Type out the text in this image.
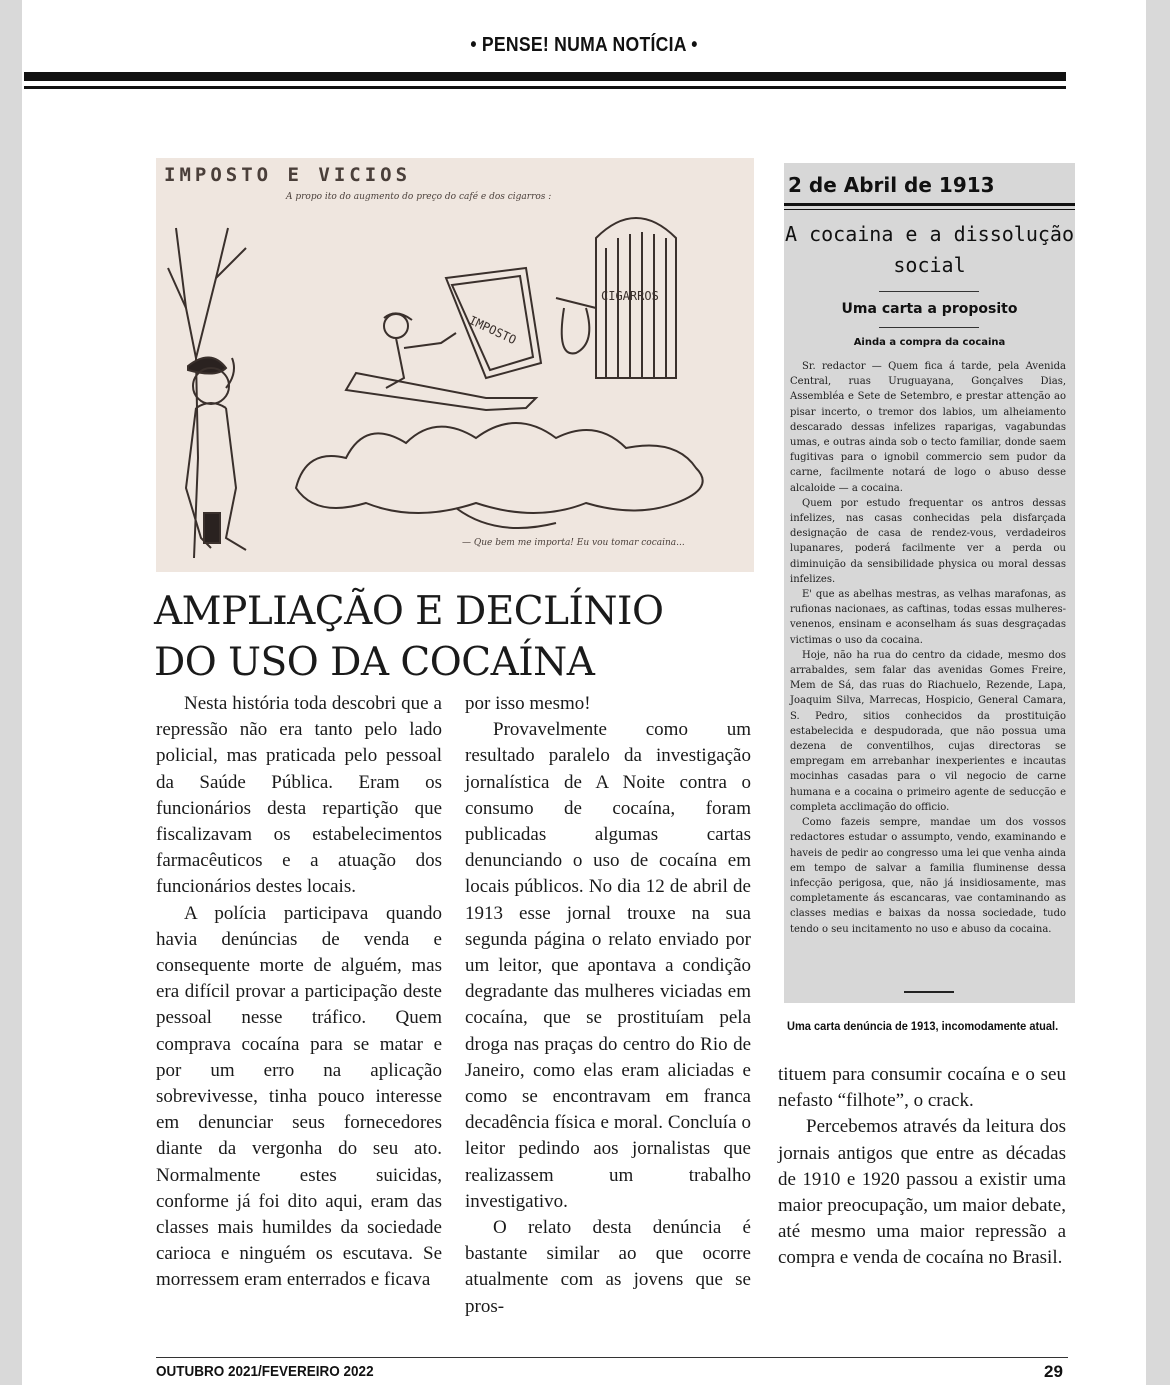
• PENSE! NUMA NOTÍCIA •
IMPOSTO
CIGARROS
IMPOSTO E VICIOS
A propo ito do augmento do preço do café e dos cigarros :
— Que bem me importa! Eu vou tomar cocaina...
2 de Abril de 1913
A cocaina e a dissolução
social
Uma carta a proposito
Ainda a compra da cocaina

Sr. redactor — Quem fica á tarde, pela Avenida Central, ruas Uruguayana, Gonçalves Dias, Assembléa e Sete de Setembro, e prestar attenção ao pisar incerto, o tremor dos labios, um alheiamento descarado dessas infelizes raparigas, vagabundas umas, e outras ainda sob o tecto familiar, donde saem fugitivas para o ignobil commercio sem pudor da carne, facilmente notará de logo o abuso desse alcaloide — a cocaina.

Quem por estudo frequentar os antros dessas infelizes, nas casas conhecidas pela disfarçada designação de casa de rendez-vous, verdadeiros lupanares, poderá facilmente ver a perda ou diminuição da sensibilidade physica ou moral dessas infelizes.

E' que as abelhas mestras, as velhas marafonas, as rufionas nacionaes, as caftinas, todas essas mulheres-venenos, ensinam e aconselham ás suas desgraçadas victimas o uso da cocaina.

Hoje, não ha rua do centro da cidade, mesmo dos arrabaldes, sem falar das avenidas Gomes Freire, Mem de Sá, das ruas do Riachuelo, Rezende, Lapa, Joaquim Silva, Marrecas, Hospicio, General Camara, S. Pedro, sitios conhecidos da prostituição estabelecida e despudorada, que não possua uma dezena de conventilhos, cujas directoras se empregam em arrebanhar inexperientes e incautas mocinhas casadas para o vil negocio de carne humana e a cocaina o primeiro agente de seducção e completa acclimação do officio.

Como fazeis sempre, mandae um dos vossos redactores estudar o assumpto, vendo, examinando e haveis de pedir ao congresso uma lei que venha ainda em tempo de salvar a familia fluminense dessa infecção perigosa, que, não já insidiosamente, mas completamente ás escancaras, vae contaminando as classes medias e baixas da nossa sociedade, tudo tendo o seu incitamento no uso e abuso da cocaina.

Uma carta denúncia de 1913, incomodamente atual.
AMPLIAÇÃO E DECLÍNIO
DO USO DA COCAÍNA

Nesta história toda descobri que a repressão não era tanto pelo lado policial, mas praticada pelo pessoal da Saúde Pública. Eram os funcionários desta repartição que fiscalizavam os estabelecimentos farmacêuticos e a atuação dos funcionários destes locais.

A polícia participava quando havia denúncias de venda e consequente morte de alguém, mas era difícil provar a participação deste pessoal nesse tráfico. Quem comprava cocaína para se matar e por um erro na aplicação sobrevivesse, tinha pouco interesse em denunciar seus fornecedores diante da vergonha do seu ato. Normalmente estes suicidas, conforme já foi dito aqui, eram das classes mais humildes da sociedade carioca e ninguém os escutava. Se morressem eram enterrados e ficava

por isso mesmo!

Provavelmente como um resultado paralelo da investigação jornalística de A Noite contra o consumo de cocaína, foram publicadas algumas cartas denunciando o uso de cocaína em locais públicos. No dia 12 de abril de 1913 esse jornal trouxe na sua segunda página o relato enviado por um leitor, que apontava a condição degradante das mulheres viciadas em cocaína, que se prostituíam pela droga nas praças do centro do Rio de Janeiro, como elas eram aliciadas e como se encontravam em franca decadência física e moral. Concluía o leitor pedindo aos jornalistas que realizassem um trabalho investigativo.

O relato desta denúncia é bastante similar ao que ocorre atualmente com as jovens que se pros-

tituem para consumir cocaína e o seu nefasto “filhote”, o crack.

Percebemos através da leitura dos jornais antigos que entre as décadas de 1910 e 1920 passou a existir uma maior preocupação, um maior debate, até mesmo uma maior repressão a compra e venda de cocaína no Brasil.

OUTUBRO 2021/FEVEREIRO 2022	29
